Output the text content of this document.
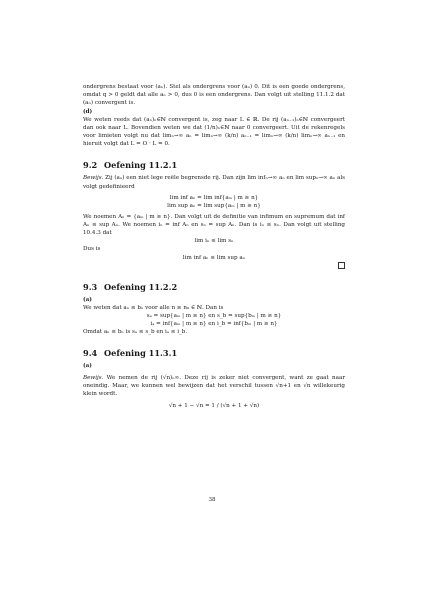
ondergrens bestaat voor (aₙ). Stel als ondergrens voor (aₙ) 0. Dit is een goede ondergrens, omdat q > 0 geldt dat alle aₙ > 0, dus 0 is een ondergrens. Dan volgt uit stelling 11.1.2 dat (aₙ) convergent is.

(d)

We weten reeds dat (aₙ)ₙ∈ℕ convergent is, zeg naar L ∈ ℝ. De rij (aₙ₋₁)ₙ∈ℕ convergeert dan ook naar L. Bovendien weten we dat (1/n)ₙ∈ℕ naar 0 convergeert. Uit de rekenregels voor limieten volgt nu dat limₙ→∞ aₙ = limₙ→∞ (k/n) aₙ₋₁ = limₙ→∞ (k/n) limₙ→∞ aₙ₋₁ en hieruit volgt dat L = O · L = 0.

9.2 Oefening 11.2.1

Bewijs. Zij (aₙ) een niet lege reële begrensde rij. Dan zijn lim infₙ→∞ aₙ en lim supₙ→∞ aₙ als volgt gedefinieerd

lim inf aₙ = lim inf{aₘ | m ≥ n}
lim sup aₙ = lim sup{aₘ | m ≥ n}

We noemen Aₙ = {aₘ | m ≥ n}. Dan volgt uit de definitie van infimum en supremum dat inf Aₙ ≤ sup Aₙ. We noemen iₙ = inf Aₙ en sₙ = sup Aₙ. Dan is iₙ ≤ sₙ. Dan volgt uit stelling 10.4.3 dat

lim iₙ ≤ lim sₙ

Dus is

lim inf aₙ ≤ lim sup aₙ
9.3 Oefening 11.2.2
(a)

We weten dat aₙ ≤ bₙ voor alle n ≥ n₀ ∈ ℕ. Dan is

sₐ = sup{aₘ | m ≥ n} en s_b = sup{bₘ | m ≥ n}
iₐ = inf{aₘ | m ≥ n} en i_b = inf{bₘ | m ≥ n}

Omdat aₙ ≤ bₙ is sₐ ≤ s_b en iₐ ≤ i_b.

9.4 Oefening 11.3.1
(a)

Bewijs. We nemen de rij (√n)ₙ∞. Deze rij is zeker niet convergent, want ze gaat naar oneindig. Maar, we kunnen wel bewijzen dat het verschil tussen √n+1 en √n willekeurig klein wordt.

√n + 1 − √n = 1 / (√n + 1 + √n)
38
